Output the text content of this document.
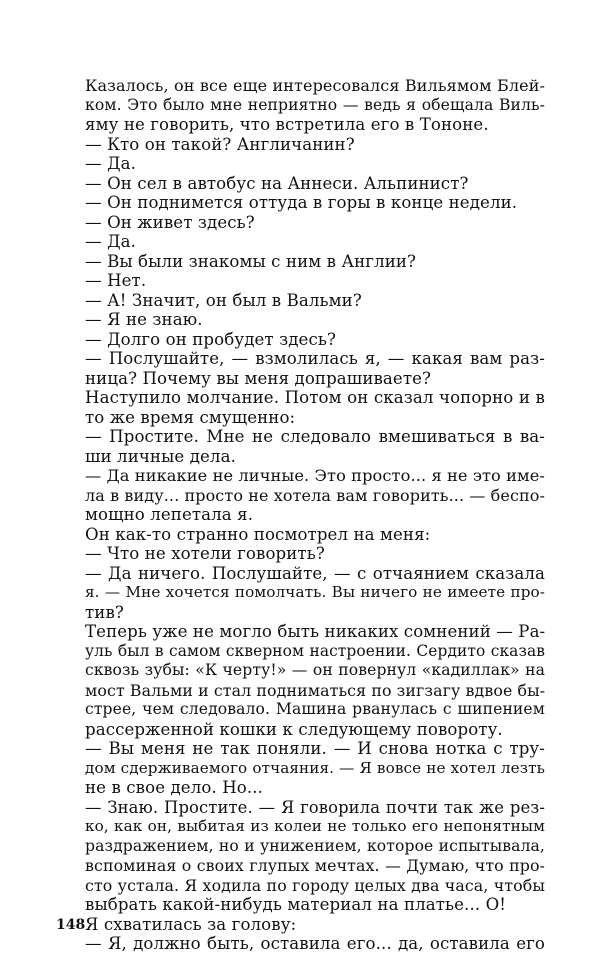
Казалось, он все еще интересовался Вильямом Блей-
ком. Это было мне неприятно — ведь я обещала Виль-
яму не говорить, что встретила его в Тононе.
— Кто он такой? Англичанин?
— Да.
— Он сел в автобус на Аннеси. Альпинист?
— Он поднимется оттуда в горы в конце недели.
— Он живет здесь?
— Да.
— Вы были знакомы с ним в Англии?
— Нет.
— А! Значит, он был в Вальми?
— Я не знаю.
— Долго он пробудет здесь?
— Послушайте, — взмолилась я, — какая вам раз-
ница? Почему вы меня допрашиваете?
Наступило молчание. Потом он сказал чопорно и в
то же время смущенно:
— Простите. Мне не следовало вмешиваться в ва-
ши личные дела.
— Да никакие не личные. Это просто... я не это име-
ла в виду... просто не хотела вам говорить... — беспо-
мощно лепетала я.
Он как-то странно посмотрел на меня:
— Что не хотели говорить?
— Да ничего. Послушайте, — с отчаянием сказала
я. — Мне хочется помолчать. Вы ничего не имеете про-
тив?
Теперь уже не могло быть никаких сомнений — Ра-
уль был в самом скверном настроении. Сердито сказав
сквозь зубы: «К черту!» — он повернул «кадиллак» на
мост Вальми и стал подниматься по зигзагу вдвое бы-
стрее, чем следовало. Машина рванулась с шипением
рассерженной кошки к следующему повороту.
— Вы меня не так поняли. — И снова нотка с тру-
дом сдерживаемого отчаяния. — Я вовсе не хотел лезть
не в свое дело. Но...
— Знаю. Простите. — Я говорила почти так же рез-
ко, как он, выбитая из колеи не только его непонятным
раздражением, но и унижением, которое испытывала,
вспоминая о своих глупых мечтах. — Думаю, что про-
сто устала. Я ходила по городу целых два часа, чтобы
выбрать какой-нибудь материал на платье... О!
Я схватилась за голову:
— Я, должно быть, оставила его... да, оставила его
148
